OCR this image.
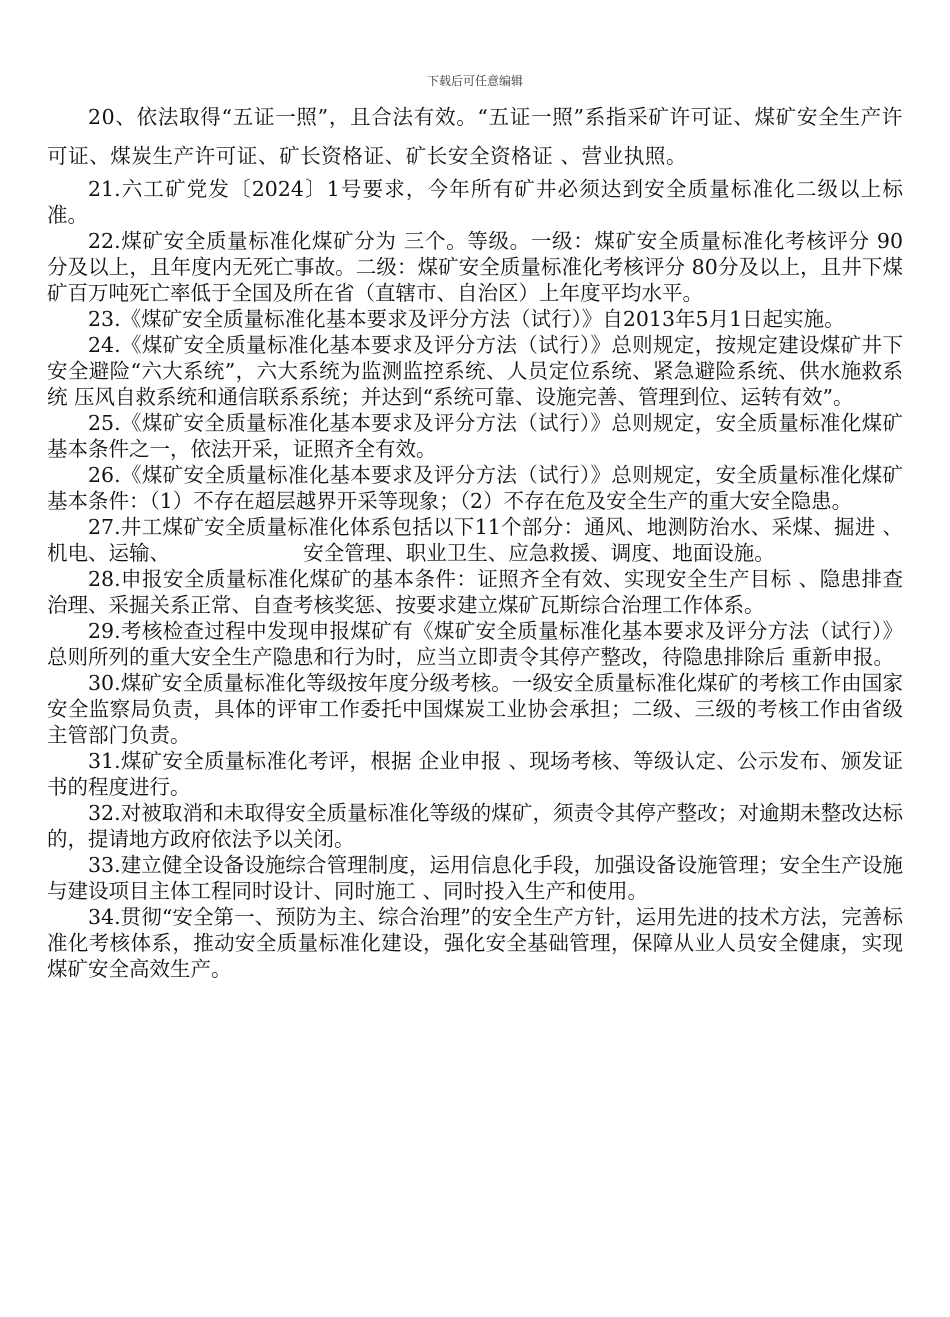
下载后可任意编辑

20、依法取得“五证一照”，且合法有效。“五证一照”系指采矿许可证、煤矿安全生产许可证、煤炭生产许可证、矿长资格证、矿长安全资格证 、营业执照。

21.六工矿党发〔2024〕1号要求，今年所有矿井必须达到安全质量标准化二级以上标准。

22.煤矿安全质量标准化煤矿分为 三个。等级。一级：煤矿安全质量标准化考核评分 90 分及以上，且年度内无死亡事故。二级：煤矿安全质量标准化考核评分 80分及以上，且井下煤矿百万吨死亡率低于全国及所在省（直辖市、自治区）上年度平均水平。

23.《煤矿安全质量标准化基本要求及评分方法（试行）》自2013年5月1日起实施。

24.《煤矿安全质量标准化基本要求及评分方法（试行）》总则规定，按规定建设煤矿井下安全避险“六大系统”，六大系统为监测监控系统、人员定位系统、紧急避险系统、供水施救系统 压风自救系统和通信联系系统；并达到“系统可靠、设施完善、管理到位、运转有效”。

25.《煤矿安全质量标准化基本要求及评分方法（试行）》总则规定，安全质量标准化煤矿基本条件之一，依法开采，证照齐全有效。

26.《煤矿安全质量标准化基本要求及评分方法（试行）》总则规定，安全质量标准化煤矿基本条件：（1）不存在超层越界开采等现象；（2）不存在危及安全生产的重大安全隐患。

27.井工煤矿安全质量标准化体系包括以下11个部分：通风、地测防治水、采煤、掘进 、机电、运输、　　　　　　　安全管理、职业卫生、应急救援、调度、地面设施。

28.申报安全质量标准化煤矿的基本条件：证照齐全有效、实现安全生产目标 、隐患排查治理、采掘关系正常、自查考核奖惩、按要求建立煤矿瓦斯综合治理工作体系。

29.考核检查过程中发现申报煤矿有《煤矿安全质量标准化基本要求及评分方法（试行）》总则所列的重大安全生产隐患和行为时，应当立即责令其停产整改，待隐患排除后 重新申报。

30.煤矿安全质量标准化等级按年度分级考核。一级安全质量标准化煤矿的考核工作由国家安全监察局负责，具体的评审工作委托中国煤炭工业协会承担；二级、三级的考核工作由省级主管部门负责。

31.煤矿安全质量标准化考评，根据 企业申报 、现场考核、等级认定、公示发布、颁发证书的程度进行。

32.对被取消和未取得安全质量标准化等级的煤矿，须责令其停产整改；对逾期未整改达标的，提请地方政府依法予以关闭。

33.建立健全设备设施综合管理制度，运用信息化手段，加强设备设施管理；安全生产设施与建设项目主体工程同时设计、同时施工 、同时投入生产和使用。

34.贯彻“安全第一、预防为主、综合治理”的安全生产方针，运用先进的技术方法，完善标准化考核体系，推动安全质量标准化建设，强化安全基础管理，保障从业人员安全健康，实现煤矿安全高效生产。
